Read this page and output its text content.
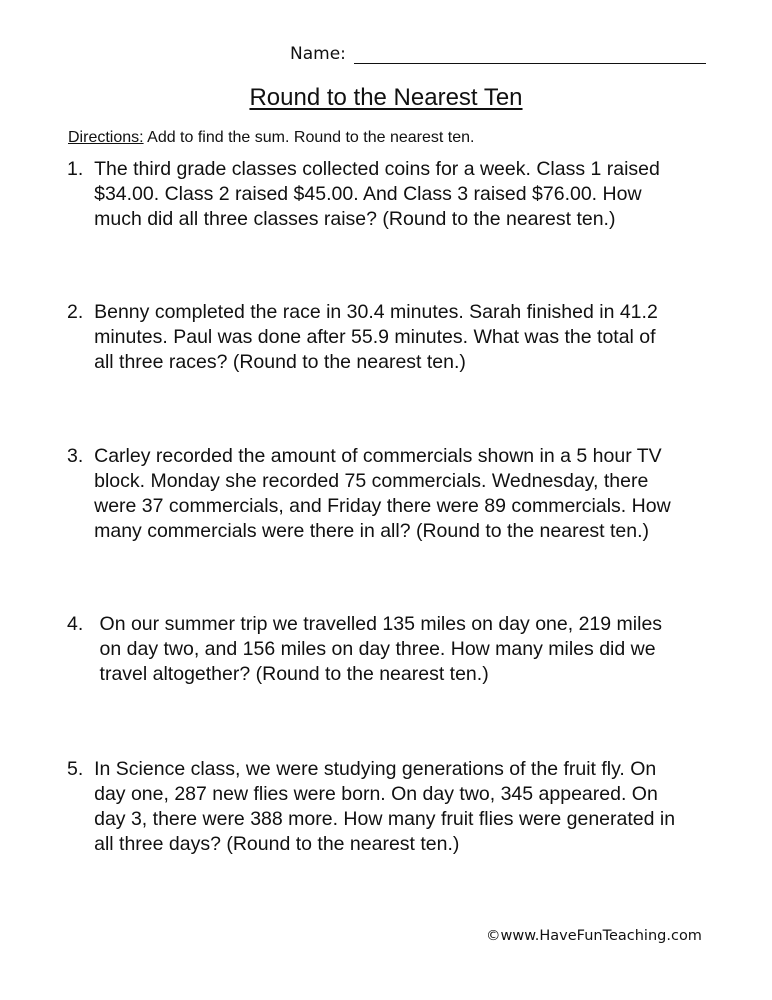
Name:
Round to the Nearest Ten
Directions: Add to find the sum. Round to the nearest ten.
1. The third grade classes collected coins for a week. Class 1 raised
$34.00. Class 2 raised $45.00. And Class 3 raised $76.00. How
much did all three classes raise? (Round to the nearest ten.)
2. Benny completed the race in 30.4 minutes. Sarah finished in 41.2
minutes. Paul was done after 55.9 minutes. What was the total of
all three races? (Round to the nearest ten.)
3. Carley recorded the amount of commercials shown in a 5 hour TV
block. Monday she recorded 75 commercials. Wednesday, there
were 37 commercials, and Friday there were 89 commercials. How
many commercials were there in all? (Round to the nearest ten.)
4. On our summer trip we travelled 135 miles on day one, 219 miles
on day two, and 156 miles on day three. How many miles did we
travel altogether? (Round to the nearest ten.)
5. In Science class, we were studying generations of the fruit fly. On
day one, 287 new flies were born. On day two, 345 appeared. On
day 3, there were 388 more. How many fruit flies were generated in
all three days? (Round to the nearest ten.)
©www.HaveFunTeaching.com
